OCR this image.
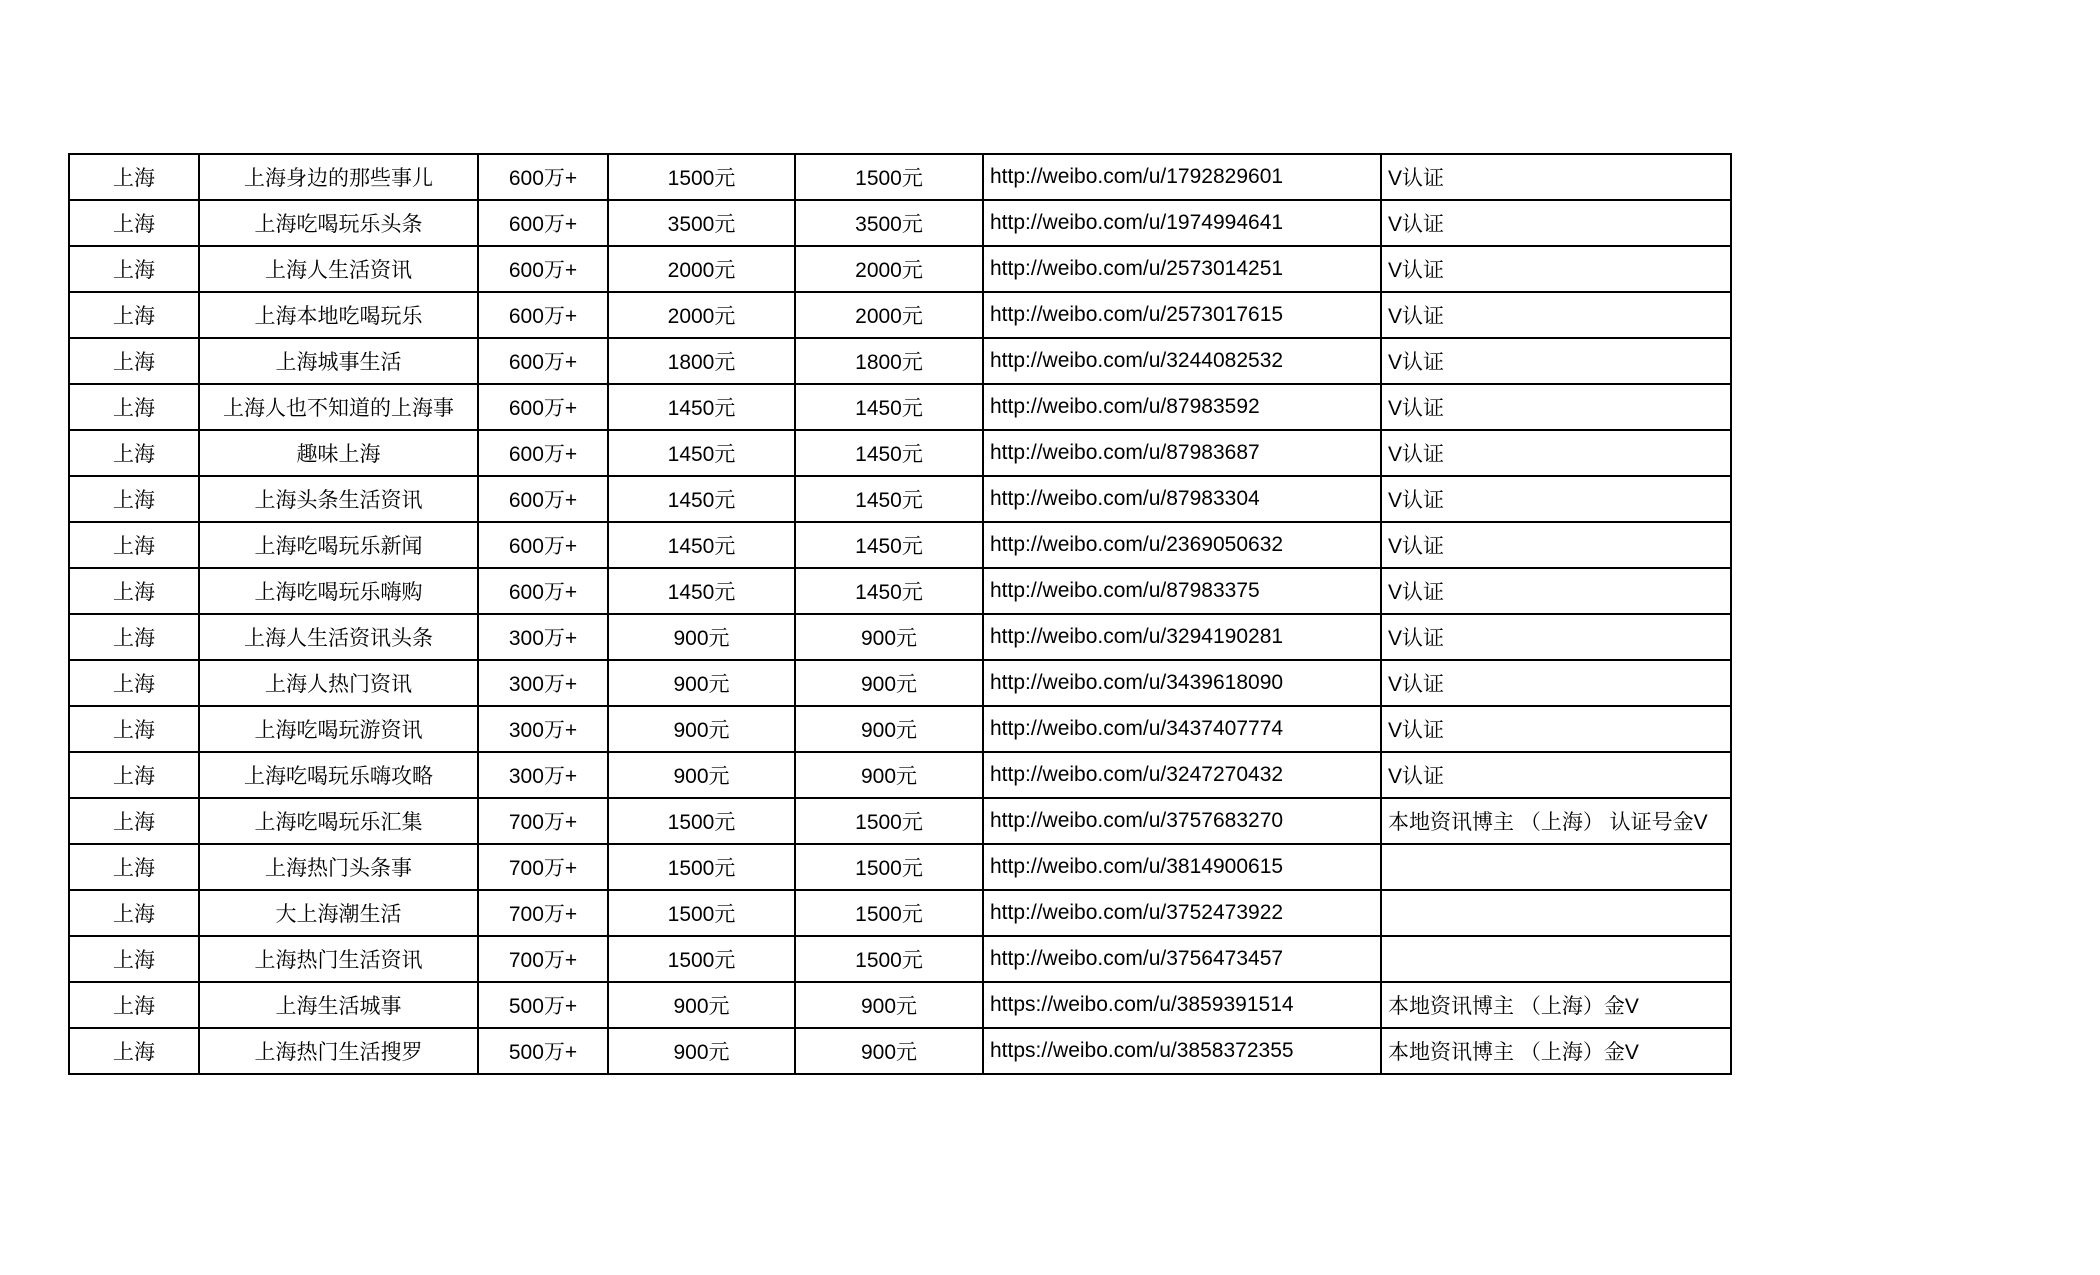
上海	上海身边的那些事儿	600万+	1500元	1500元	http://weibo.com/u/1792829601	V认证
上海	上海吃喝玩乐头条	600万+	3500元	3500元	http://weibo.com/u/1974994641	V认证
上海	上海人生活资讯	600万+	2000元	2000元	http://weibo.com/u/2573014251	V认证
上海	上海本地吃喝玩乐	600万+	2000元	2000元	http://weibo.com/u/2573017615	V认证
上海	上海城事生活	600万+	1800元	1800元	http://weibo.com/u/3244082532	V认证
上海	上海人也不知道的上海事	600万+	1450元	1450元	http://weibo.com/u/87983592	V认证
上海	趣味上海	600万+	1450元	1450元	http://weibo.com/u/87983687	V认证
上海	上海头条生活资讯	600万+	1450元	1450元	http://weibo.com/u/87983304	V认证
上海	上海吃喝玩乐新闻	600万+	1450元	1450元	http://weibo.com/u/2369050632	V认证
上海	上海吃喝玩乐嗨购	600万+	1450元	1450元	http://weibo.com/u/87983375	V认证
上海	上海人生活资讯头条	300万+	900元	900元	http://weibo.com/u/3294190281	V认证
上海	上海人热门资讯	300万+	900元	900元	http://weibo.com/u/3439618090	V认证
上海	上海吃喝玩游资讯	300万+	900元	900元	http://weibo.com/u/3437407774	V认证
上海	上海吃喝玩乐嗨攻略	300万+	900元	900元	http://weibo.com/u/3247270432	V认证
上海	上海吃喝玩乐汇集	700万+	1500元	1500元	http://weibo.com/u/3757683270	本地资讯博主 （上海） 认证号金V
上海	上海热门头条事	700万+	1500元	1500元	http://weibo.com/u/3814900615	
上海	大上海潮生活	700万+	1500元	1500元	http://weibo.com/u/3752473922	
上海	上海热门生活资讯	700万+	1500元	1500元	http://weibo.com/u/3756473457	
上海	上海生活城事	500万+	900元	900元	https://weibo.com/u/3859391514	本地资讯博主 （上海）金V
上海	上海热门生活搜罗	500万+	900元	900元	https://weibo.com/u/3858372355	本地资讯博主 （上海）金V
